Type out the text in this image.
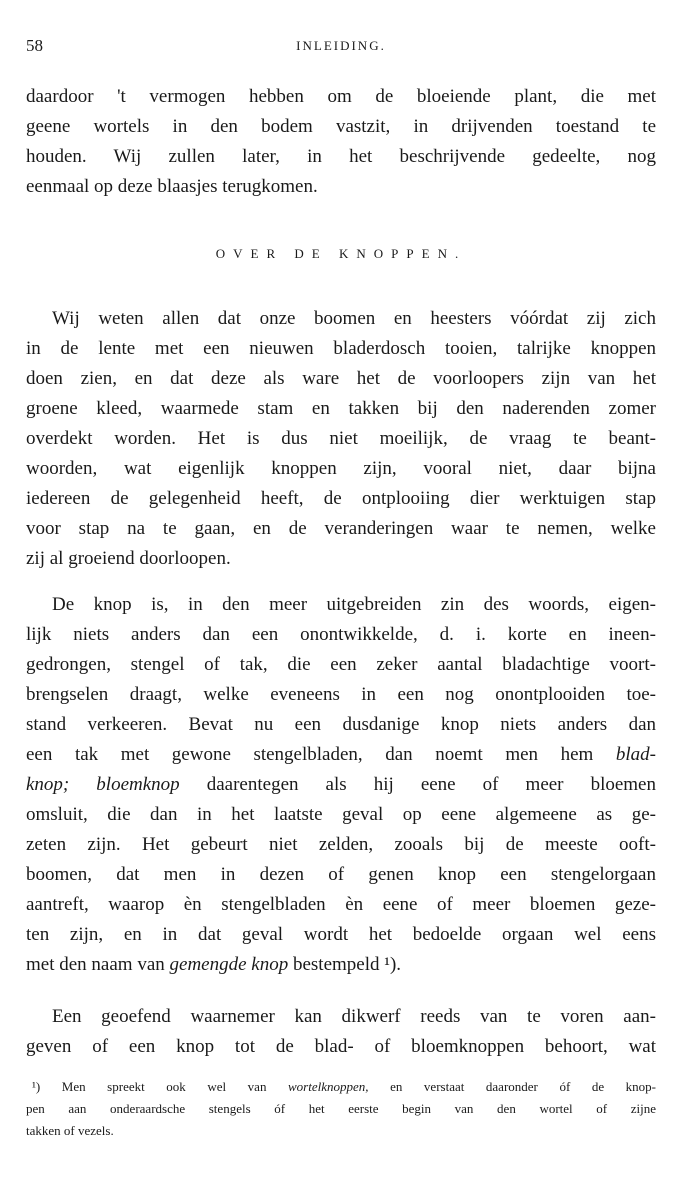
58	INLEIDING.
daardoor 't vermogen hebben om de bloeiende plant, die met
geene wortels in den bodem vastzit, in drijvenden toestand te
houden. Wij zullen later, in het beschrijvende gedeelte, nog
eenmaal op deze blaasjes terugkomen.
OVER DE KNOPPEN.
Wij weten allen dat onze boomen en heesters vóórdat zij zich
in de lente met een nieuwen bladerdosch tooien, talrijke knoppen
doen zien, en dat deze als ware het de voorloopers zijn van het
groene kleed, waarmede stam en takken bij den naderenden zomer
overdekt worden. Het is dus niet moeilijk, de vraag te beant-
woorden, wat eigenlijk knoppen zijn, vooral niet, daar bijna
iedereen de gelegenheid heeft, de ontplooiing dier werktuigen stap
voor stap na te gaan, en de veranderingen waar te nemen, welke
zij al groeiend doorloopen.
De knop is, in den meer uitgebreiden zin des woords, eigen-
lijk niets anders dan een onontwikkelde, d. i. korte en ineen-
gedrongen, stengel of tak, die een zeker aantal bladachtige voort-
brengselen draagt, welke eveneens in een nog onontplooiden toe-
stand verkeeren. Bevat nu een dusdanige knop niets anders dan
een tak met gewone stengelbladen, dan noemt men hem blad-
knop; bloemknop daarentegen als hij eene of meer bloemen
omsluit, die dan in het laatste geval op eene algemeene as ge-
zeten zijn. Het gebeurt niet zelden, zooals bij de meeste ooft-
boomen, dat men in dezen of genen knop een stengelorgaan
aantreft, waarop èn stengelbladen èn eene of meer bloemen geze-
ten zijn, en in dat geval wordt het bedoelde orgaan wel eens
met den naam van gemengde knop bestempeld ¹).
Een geoefend waarnemer kan dikwerf reeds van te voren aan-
geven of een knop tot de blad- of bloemknoppen behoort, wat
¹) Men spreekt ook wel van wortelknoppen, en verstaat daaronder óf de knop-
pen aan onderaardsche stengels óf het eerste begin van den wortel of zijne
takken of vezels.
